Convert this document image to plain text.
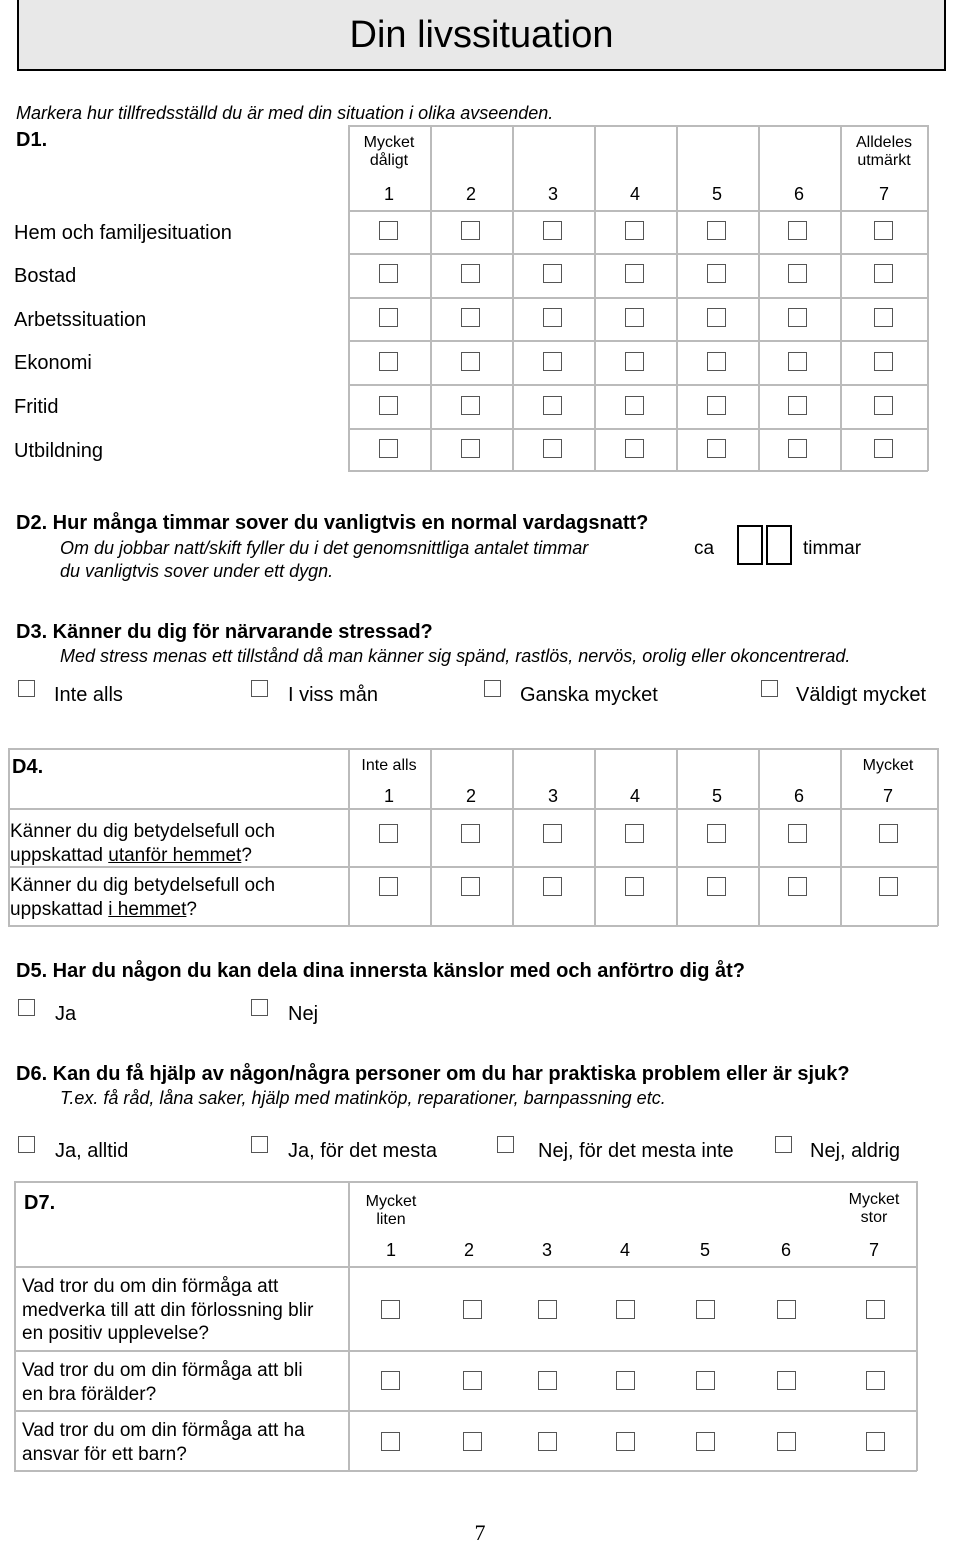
Din livssituation
Markera hur tillfredsställd du är med din situation i olika avseenden.
D1.	Mycket dåligt
Alldeles utmärkt
1	2	3	4	5	6	7
Hem och familjesituation
Bostad
Arbetssituation
Ekonomi
Fritid
Utbildning
D2. Hur många timmar sover du vanligtvis en normal vardagsnatt?
Om du jobbar natt/skift fyller du i det genomsnittliga antalet timmar
du vanligtvis sover under ett dygn.
ca	timmar
D3. Känner du dig för närvarande stressad?
Med stress menas ett tillstånd då man känner sig spänd, rastlös, nervös, orolig eller okoncentrerad.
Inte alls	I viss mån	Ganska mycket	Väldigt mycket
D4.	Inte alls	Mycket
1	2	3	4	5	6	7
Känner du dig betydelsefull och
uppskattad utanför hemmet?
Känner du dig betydelsefull och
uppskattad i hemmet?
D5. Har du någon du kan dela dina innersta känslor med och anförtro dig åt?
Ja	Nej
D6. Kan du få hjälp av någon/några personer om du har praktiska problem eller är sjuk?
T.ex. få råd, låna saker, hjälp med matinköp, reparationer, barnpassning etc.
Ja, alltid	Ja, för det mesta	Nej, för det mesta inte	Nej, aldrig
D7.	Mycket liten
Mycket stor
1	2	3	4	5	6	7
Vad tror du om din förmåga att
medverka till att din förlossning blir
en positiv upplevelse?
Vad tror du om din förmåga att bli
en bra förälder?
Vad tror du om din förmåga att ha
ansvar för ett barn?
7
